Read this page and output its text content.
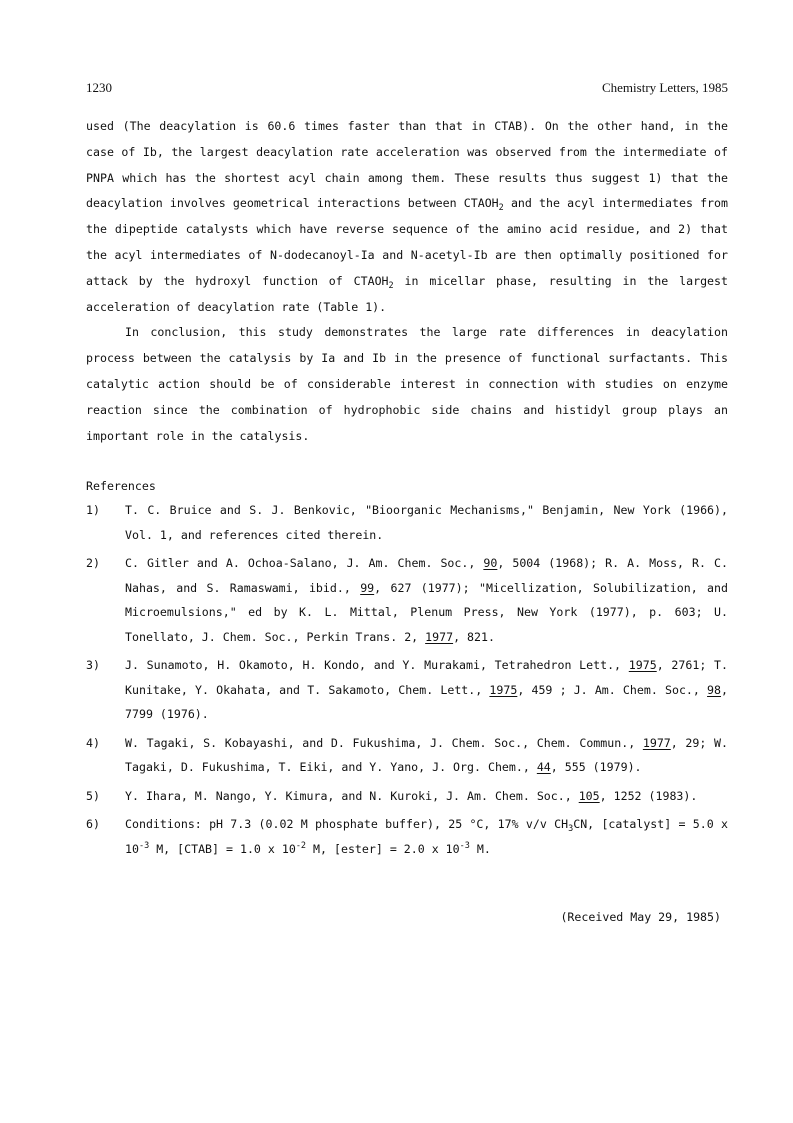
1230	Chemistry Letters, 1985

used (The deacylation is 60.6 times faster than that in CTAB). On the other hand, in the case of Ib, the largest deacylation rate acceleration was observed from the intermediate of PNPA which has the shortest acyl chain among them. These results thus suggest 1) that the deacylation involves geometrical interactions between $CTAOH_2$ and the acyl intermediates from the dipeptide catalysts which have reverse sequence of the amino acid residue, and 2) that the acyl intermediates of N-dodecanoyl-Ia and N-acetyl-Ib are then optimally positioned for attack by the hydroxyl function of $CTAOH_2$ in micellar phase, resulting in the largest acceleration of deacylation rate (Table 1).

In conclusion, this study demonstrates the large rate differences in deacylation process between the catalysis by Ia and Ib in the presence of functional surfactants. This catalytic action should be of considerable interest in connection with studies on enzyme reaction since the combination of hydrophobic side chains and histidyl group plays an important role in the catalysis.

References
1) T. C. Bruice and S. J. Benkovic, "Bioorganic Mechanisms," Benjamin, New York (1966), Vol. 1, and references cited therein.
2) C. Gitler and A. Ochoa-Salano, J. Am. Chem. Soc., 90, 5004 (1968); R. A. Moss, R. C. Nahas, and S. Ramaswami, ibid., 99, 627 (1977); "Micellization, Solubilization, and Microemulsions," ed by K. L. Mittal, Plenum Press, New York (1977), p. 603; U. Tonellato, J. Chem. Soc., Perkin Trans. 2, 1977, 821.
3) J. Sunamoto, H. Okamoto, H. Kondo, and Y. Murakami, Tetrahedron Lett., 1975, 2761; T. Kunitake, Y. Okahata, and T. Sakamoto, Chem. Lett., 1975, 459 ; J. Am. Chem. Soc., 98, 7799 (1976).
4) W. Tagaki, S. Kobayashi, and D. Fukushima, J. Chem. Soc., Chem. Commun., 1977, 29; W. Tagaki, D. Fukushima, T. Eiki, and Y. Yano, J. Org. Chem., 44, 555 (1979).
5) Y. Ihara, M. Nango, Y. Kimura, and N. Kuroki, J. Am. Chem. Soc., 105, 1252 (1983).
6) Conditions: pH 7.3 (0.02 M phosphate buffer), 25 °C, 17% v/v $CH_3CN$, [catalyst] = 5.0 x $10^{-3}$ M, [CTAB] = 1.0 x $10^{-2}$ M, [ester] = 2.0 x $10^{-3}$ M.
(Received May 29, 1985)
